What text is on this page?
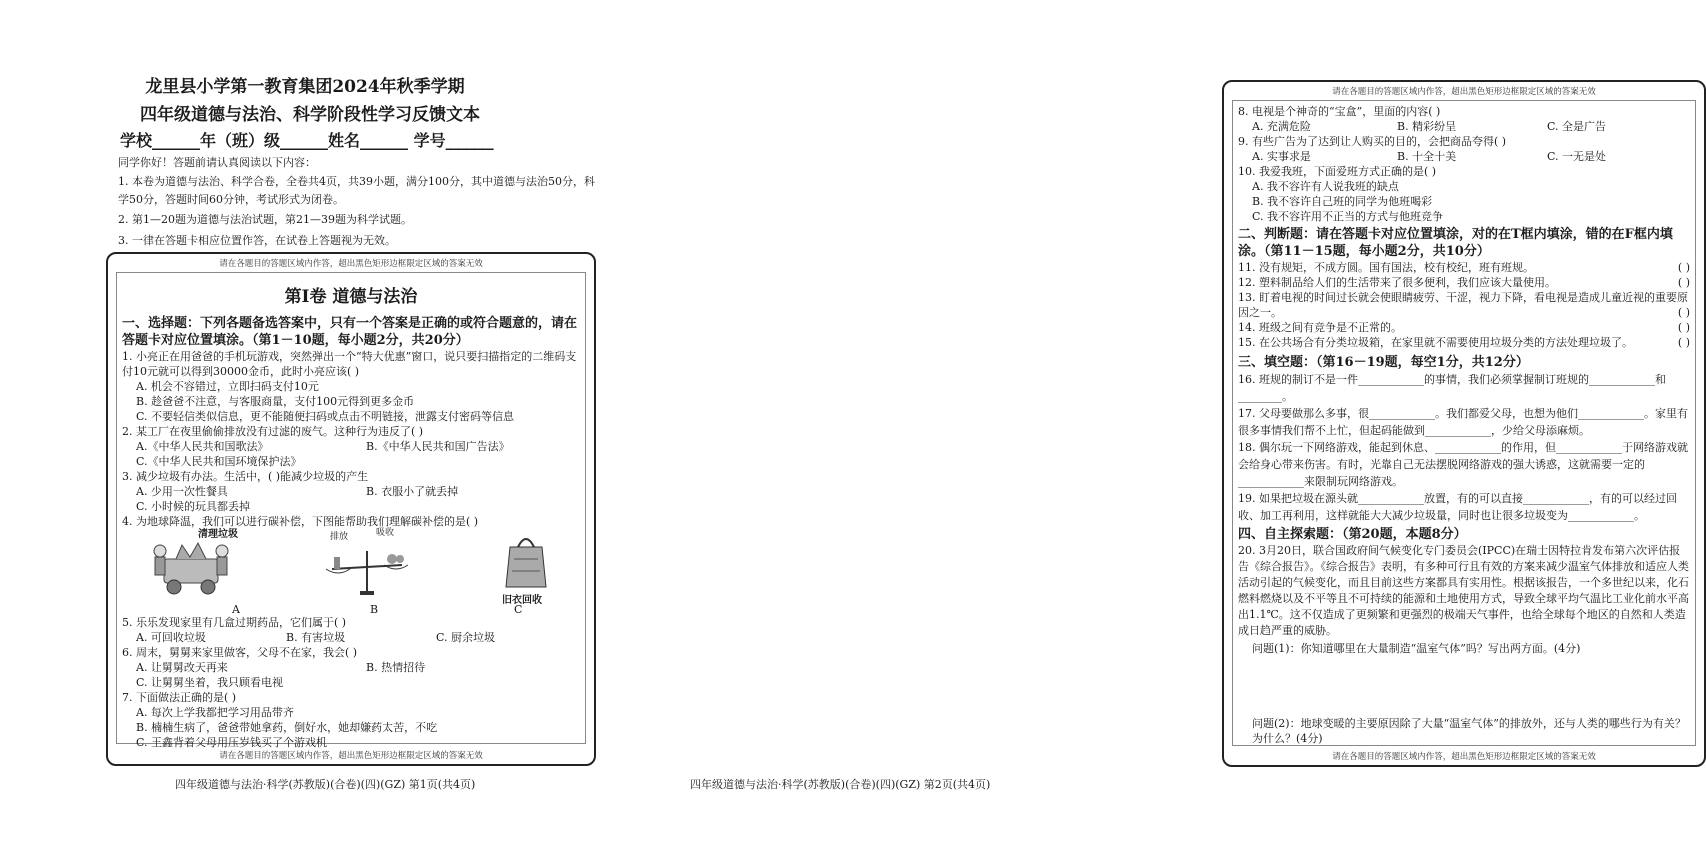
龙里县小学第一教育集团2024年秋季学期
四年级道德与法治、科学阶段性学习反馈文本
学校______年（班）级______姓名______ 学号______
同学你好！答题前请认真阅读以下内容：
1. 本卷为道德与法治、科学合卷，全卷共4页，共39小题，满分100分，其中道德与法治50分，科学50分，答题时间60分钟，考试形式为闭卷。
2. 第1—20题为道德与法治试题，第21—39题为科学试题。
3. 一律在答题卡相应位置作答，在试卷上答题视为无效。
请在各题目的答题区域内作答，超出黑色矩形边框限定区域的答案无效
第Ⅰ卷 道德与法治
一、选择题：下列各题备选答案中，只有一个答案是正确的或符合题意的，请在答题卡对应位置填涂。（第1－10题，每小题2分，共20分）
1. 小亮正在用爸爸的手机玩游戏，突然弹出一个“特大优惠”窗口，说只要扫描指定的二维码支付10元就可以得到30000金币，此时小亮应该( )
A. 机会不容错过，立即扫码支付10元
B. 趁爸爸不注意，与客服商量，支付100元得到更多金币
C. 不要轻信类似信息，更不能随便扫码或点击不明链接，泄露支付密码等信息
2. 某工厂在夜里偷偷排放没有过滤的废气。这种行为违反了( )
A.《中华人民共和国歌法》	B.《中华人民共和国广告法》
C.《中华人民共和国环境保护法》
3. 减少垃圾有办法。生活中，( )能减少垃圾的产生
A. 少用一次性餐具	B. 衣服小了就丢掉
C. 小时候的玩具都丢掉
4. 为地球降温，我们可以进行碳补偿，下图能帮助我们理解碳补偿的是( )
清理垃圾	排放	吸收
旧衣回收
A	B	C
5. 乐乐发现家里有几盒过期药品，它们属于( )
A. 可回收垃圾	B. 有害垃圾	C. 厨余垃圾
6. 周末，舅舅来家里做客，父母不在家，我会( )
A. 让舅舅改天再来	B. 热情招待
C. 让舅舅坐着，我只顾看电视
7. 下面做法正确的是( )
A. 每次上学我都把学习用品带齐
B. 楠楠生病了，爸爸带她拿药，倒好水，她却嫌药太苦，不吃
C. 王鑫背着父母用压岁钱买了个游戏机
请在各题目的答题区域内作答，超出黑色矩形边框限定区域的答案无效
四年级道德与法治·科学(苏教版)(合卷)(四)(GZ) 第1页(共4页)
请在各题目的答题区域内作答，超出黑色矩形边框限定区域的答案无效
8. 电视是个神奇的“宝盒”，里面的内容( )
A. 充满危险	B. 精彩纷呈	C. 全是广告
9. 有些广告为了达到让人购买的目的，会把商品夸得( )
A. 实事求是	B. 十全十美	C. 一无是处
10. 我爱我班，下面爱班方式正确的是( )
A. 我不容许有人说我班的缺点
B. 我不容许自己班的同学为他班喝彩
C. 我不容许用不正当的方式与他班竞争
二、判断题：请在答题卡对应位置填涂，对的在T框内填涂，错的在F框内填涂。（第11－15题，每小题2分，共10分）
11. 没有规矩，不成方圆。国有国法，校有校纪，班有班规。	( )
12. 塑料制品给人们的生活带来了很多便利，我们应该大量使用。	( )
13. 盯着电视的时间过长就会使眼睛疲劳、干涩，视力下降，看电视是造成儿童近视的重要原因之一。	( )
14. 班级之间有竞争是不正常的。	( )
15. 在公共场合有分类垃圾箱，在家里就不需要使用垃圾分类的方法处理垃圾了。	( )
三、填空题：（第16－19题，每空1分，共12分）
16. 班规的制订不是一件____________的事情，我们必须掌握制订班规的____________和________。
17. 父母要做那么多事，很____________。我们都爱父母，也想为他们____________。家里有很多事情我们帮不上忙，但起码能做到____________，少给父母添麻烦。
18. 偶尔玩一下网络游戏，能起到休息、____________的作用，但____________于网络游戏就会给身心带来伤害。有时，光靠自己无法摆脱网络游戏的强大诱惑，这就需要一定的____________来限制玩网络游戏。
19. 如果把垃圾在源头就____________放置，有的可以直接____________，有的可以经过回收、加工再利用，这样就能大大减少垃圾量，同时也让很多垃圾变为____________。
四、自主探索题：（第20题，本题8分）
20. 3月20日，联合国政府间气候变化专门委员会(IPCC)在瑞士因特拉肯发布第六次评估报告《综合报告》。《综合报告》表明，有多种可行且有效的方案来减少温室气体排放和适应人类活动引起的气候变化，而且目前这些方案都具有实用性。根据该报告，一个多世纪以来，化石燃料燃烧以及不平等且不可持续的能源和土地使用方式，导致全球平均气温比工业化前水平高出1.1℃。这不仅造成了更频繁和更强烈的极端天气事件，也给全球每个地区的自然和人类造成日趋严重的威胁。
问题(1)：你知道哪里在大量制造“温室气体”吗？写出两方面。(4分)
问题(2)：地球变暖的主要原因除了大量“温室气体”的排放外，还与人类的哪些行为有关？为什么？(4分)
请在各题目的答题区域内作答，超出黑色矩形边框限定区域的答案无效
四年级道德与法治·科学(苏教版)(合卷)(四)(GZ) 第2页(共4页)
